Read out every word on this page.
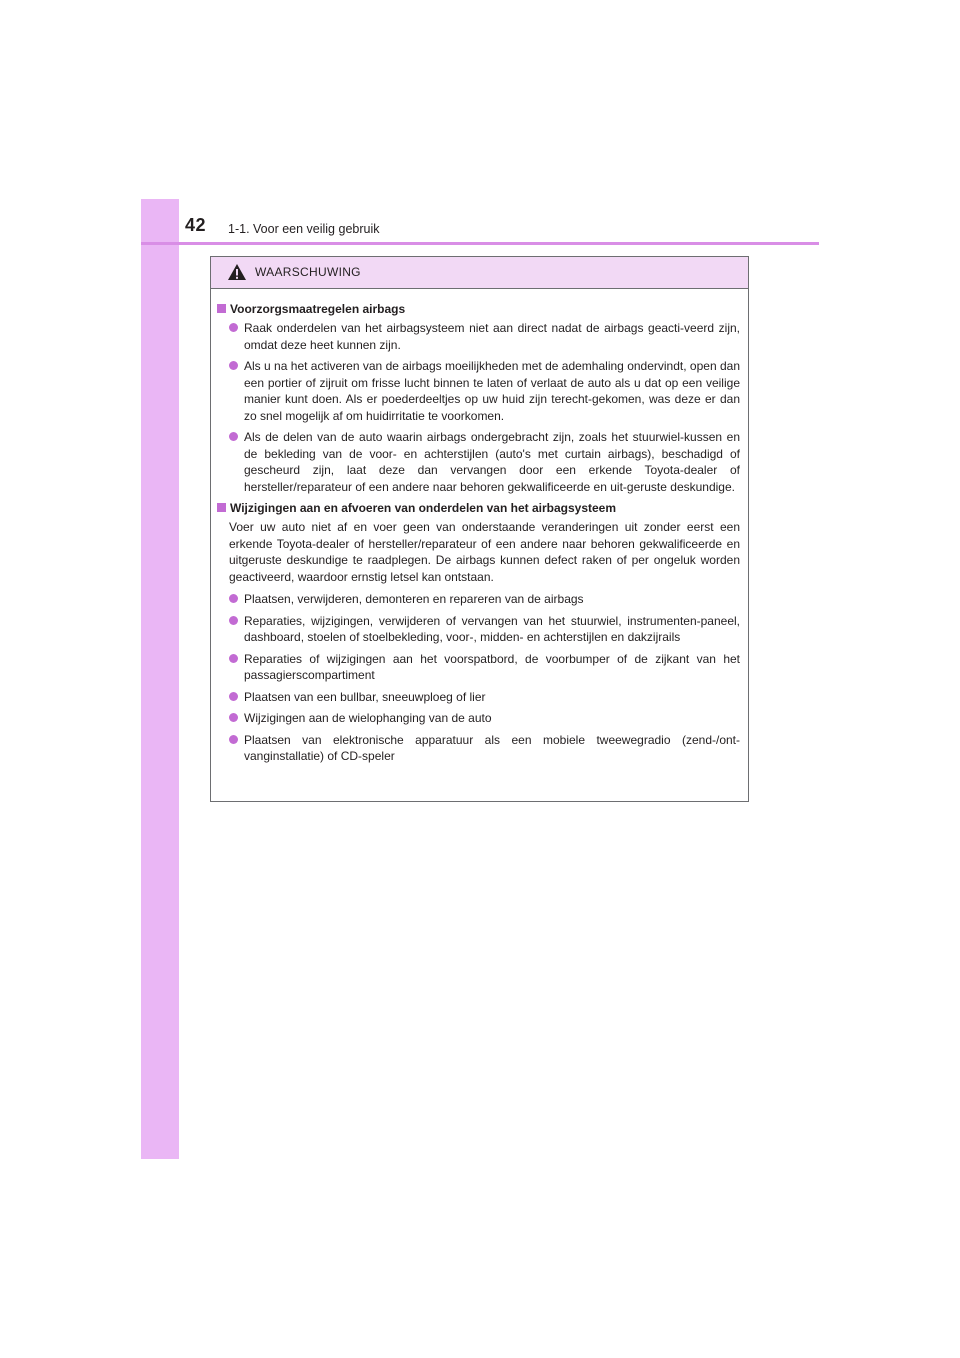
42 1-1. Voor een veilig gebruik
WAARSCHUWING
Voorzorgsmaatregelen airbags
Raak onderdelen van het airbagsysteem niet aan direct nadat de airbags geacti-veerd zijn, omdat deze heet kunnen zijn.
Als u na het activeren van de airbags moeilijkheden met de ademhaling ondervindt, open dan een portier of zijruit om frisse lucht binnen te laten of verlaat de auto als u dat op een veilige manier kunt doen. Als er poederdeeltjes op uw huid zijn terecht-gekomen, was deze er dan zo snel mogelijk af om huidirritatie te voorkomen.
Als de delen van de auto waarin airbags ondergebracht zijn, zoals het stuurwiel-kussen en de bekleding van de voor- en achterstijlen (auto's met curtain airbags), beschadigd of gescheurd zijn, laat deze dan vervangen door een erkende Toyota-dealer of hersteller/reparateur of een andere naar behoren gekwalificeerde en uit-geruste deskundige.
Wijzigingen aan en afvoeren van onderdelen van het airbagsysteem
Voer uw auto niet af en voer geen van onderstaande veranderingen uit zonder eerst een erkende Toyota-dealer of hersteller/reparateur of een andere naar behoren gekwalificeerde en uitgeruste deskundige te raadplegen. De airbags kunnen defect raken of per ongeluk worden geactiveerd, waardoor ernstig letsel kan ontstaan.
Plaatsen, verwijderen, demonteren en repareren van de airbags
Reparaties, wijzigingen, verwijderen of vervangen van het stuurwiel, instrumenten-paneel, dashboard, stoelen of stoelbekleding, voor-, midden- en achterstijlen en dakzijrails
Reparaties of wijzigingen aan het voorspatbord, de voorbumper of de zijkant van het passagierscompartiment
Plaatsen van een bullbar, sneeuwploeg of lier
Wijzigingen aan de wielophanging van de auto
Plaatsen van elektronische apparatuur als een mobiele tweewegradio (zend-/ont-vanginstallatie) of CD-speler
